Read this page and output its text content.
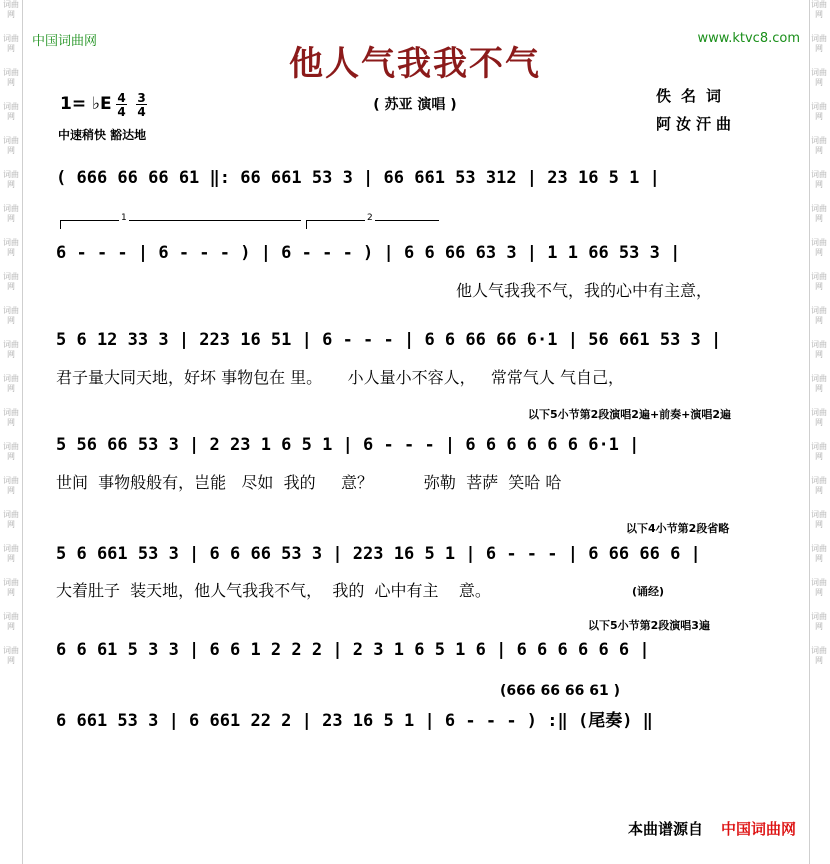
词曲网
词曲网
词曲网
词曲网
词曲网
词曲网
词曲网
词曲网
词曲网
词曲网
词曲网
词曲网
词曲网
词曲网
词曲网
词曲网
词曲网
词曲网
词曲网
词曲网
词曲网
词曲网
词曲网
词曲网
词曲网
词曲网
词曲网
词曲网
词曲网
词曲网
词曲网
词曲网
词曲网
词曲网
词曲网
词曲网
词曲网
词曲网
词曲网
词曲网
中国词曲网	www.ktvc8.com
他人气我我不气
( 苏亚 演唱 )	佚名词
阿汝汗曲
1= ♭E 4
4
3
4
中速稍快 豁达地
( 666 66 66 61 ‖: 66 661 53 3 | 66 661 53 312 | 23 16 5 1 |
1	2
6 - - - | 6 - - - ) | 6 - - - ) | 6 6 66 63 3 | 1 1 66 53 3 |
他人气我我不气，我的心中有主意，
5 6 12 33 3 | 223 16 51 | 6 - - - | 6 6 66 66 6·1 | 56 661 53 3 |
君子量大同天地，好坏 事物包在 里。     小人量小不容人，   常常气人 气自己，
以下5小节第2段演唱2遍+前奏+演唱2遍
5 56 66 53 3 | 2 23 1 6 5 1 | 6 - - - | 6 6 6 6 6 6 6·1 |
世间  事物般般有，岂能   尽如  我的     意？          弥勒  菩萨  笑哈 哈
以下4小节第2段省略
5 6 661 53 3 | 6 6 66 53 3 | 223 16 5 1 | 6 - - - | 6 66 66 6 |
大着肚子  装天地，他人气我我不气，  我的  心中有主    意。	(诵经)
以下5小节第2段演唱3遍
6 6 61 5 3 3 | 6 6 1 2 2 2 | 2 3 1 6 5 1 6 | 6 6 6 6 6 6 |
(666 66 66 61 )
6 661 53 3 | 6 661 22 2 | 23 16 5 1 | 6 - - - ) :‖ (尾奏) ‖
本曲谱源自 中国词曲网
